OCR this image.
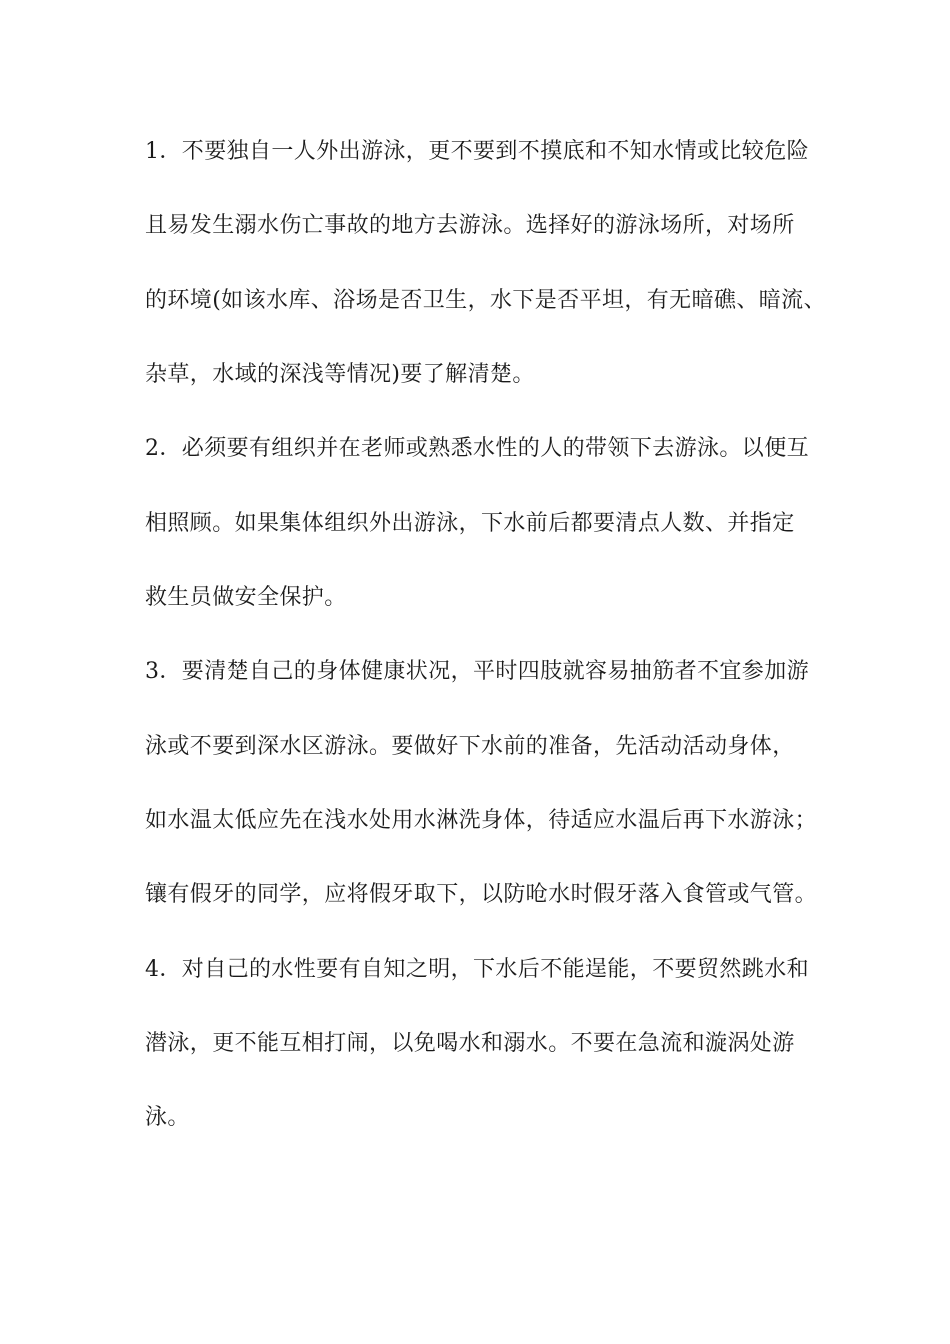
1．不要独自一人外出游泳，更不要到不摸底和不知水情或比较危险
且易发生溺水伤亡事故的地方去游泳。选择好的游泳场所，对场所
的环境(如该水库、浴场是否卫生，水下是否平坦，有无暗礁、暗流、
杂草，水域的深浅等情况)要了解清楚。
2．必须要有组织并在老师或熟悉水性的人的带领下去游泳。以便互
相照顾。如果集体组织外出游泳，下水前后都要清点人数、并指定
救生员做安全保护。
3．要清楚自己的身体健康状况，平时四肢就容易抽筋者不宜参加游
泳或不要到深水区游泳。要做好下水前的准备，先活动活动身体，
如水温太低应先在浅水处用水淋洗身体，待适应水温后再下水游泳；
镶有假牙的同学，应将假牙取下，以防呛水时假牙落入食管或气管。
4．对自己的水性要有自知之明，下水后不能逞能，不要贸然跳水和
潜泳，更不能互相打闹，以免喝水和溺水。不要在急流和漩涡处游
泳。
